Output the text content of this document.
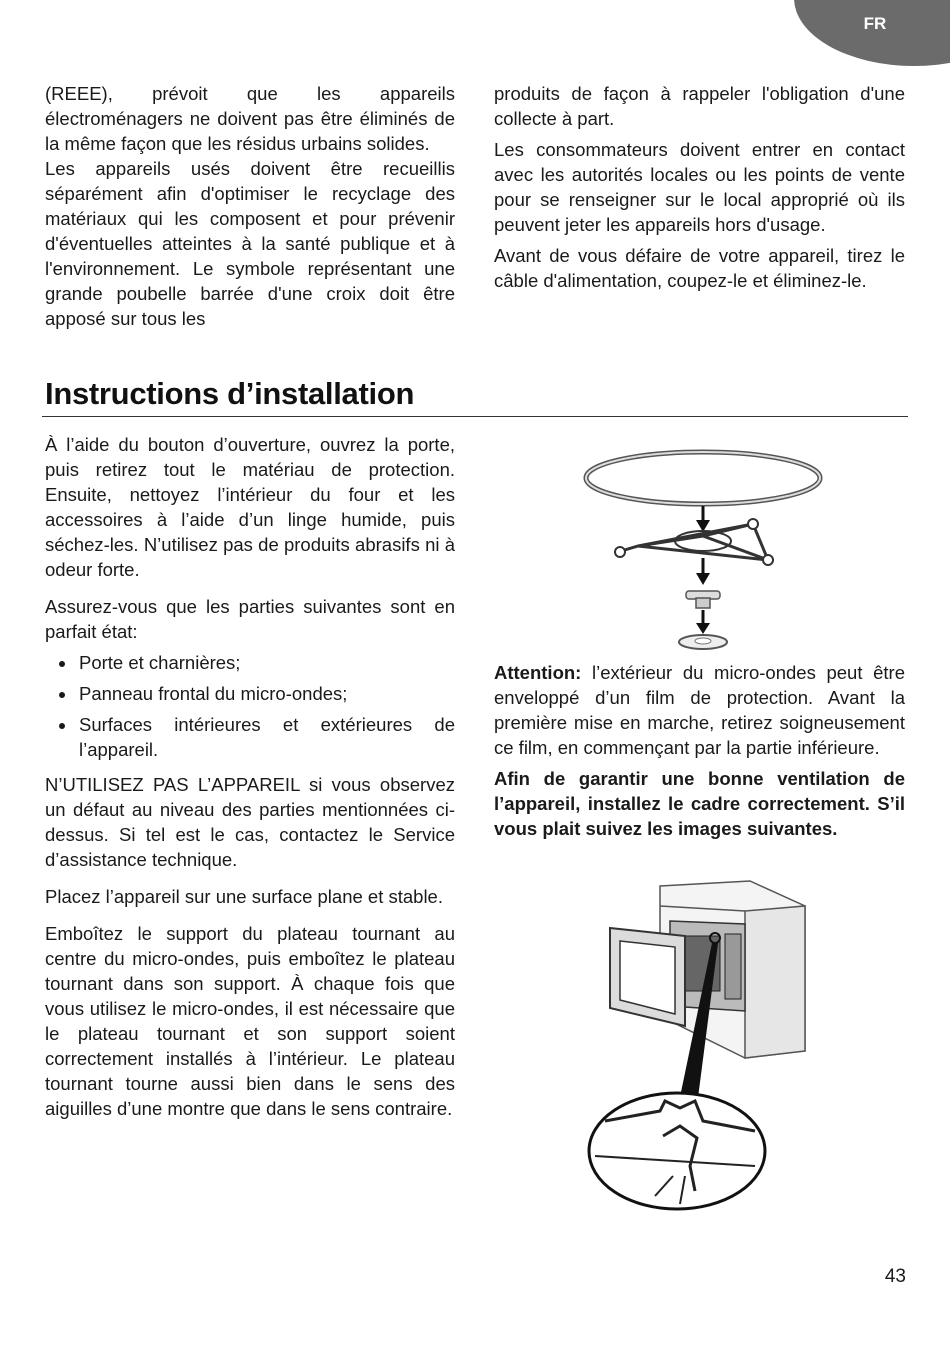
FR

(REEE), prévoit que les appareils électroménagers ne doivent pas être éliminés de la même façon que les résidus urbains solides.

Les appareils usés doivent être recueillis séparément afin d'optimiser le recyclage des matériaux qui les composent et pour prévenir d'éventuelles atteintes à la santé publique et à l'environnement. Le symbole représentant une grande poubelle barrée d'une croix doit être apposé sur tous les

produits de façon à rappeler l'obligation d'une collecte à part.

Les consommateurs doivent entrer en contact avec les autorités locales ou les points de vente pour se renseigner sur le local approprié où ils peuvent jeter les appareils hors d'usage.

Avant de vous défaire de votre appareil, tirez le câble d'alimentation, coupez-le et éliminez-le.

Instructions d’installation

À l’aide du bouton d’ouverture, ouvrez la porte, puis retirez tout le matériau de protection. Ensuite, nettoyez l’intérieur du four et les accessoires à l’aide d’un linge humide, puis séchez-les. N’utilisez pas de produits abrasifs ni à odeur forte.

Assurez-vous que les parties suivantes sont en parfait état:

• Porte et charnières;
• Panneau frontal du micro-ondes;
• Surfaces intérieures et extérieures de l’appareil.

N’UTILISEZ PAS L’APPAREIL si vous observez un défaut au niveau des parties mentionnées ci-dessus. Si tel est le cas, contactez le Service d’assistance technique.

Placez l’appareil sur une surface plane et stable.

Emboîtez le support du plateau tournant au centre du micro-ondes, puis emboîtez le plateau tournant dans son support. À chaque fois que vous utilisez le micro-ondes, il est nécessaire que le plateau tournant et son support soient correctement installés à l’intérieur. Le plateau tournant tourne aussi bien dans le sens des aiguilles d’une montre que dans le sens contraire.

Attention: l’extérieur du micro-ondes peut être enveloppé d’un film de protection. Avant la première mise en marche, retirez soigneusement ce film, en commençant par la partie inférieure.

Afin de garantir une bonne ventilation de l’appareil, installez le cadre correctement. S’il vous plait suivez les images suivantes.

43
